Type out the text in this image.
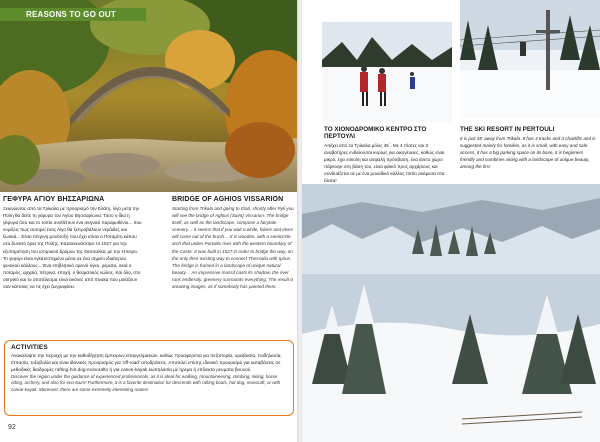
REASONS TO GO OUT
ΓΕΦΥΡΑ ΑΓΙΟΥ ΒΗΣΣΑΡΙΩΝΑ
Ξεκινώντας από τα Τρίκαλα με προορισμό την Ελάτη, λίγο μετά την Πύλη θα δείτε τη γέφυρα του Αγίου Βησσαρίωνα. Τόσο η ίδια η γέφυρα όσο και το τοπίο συνθέτουν ένα σκηνικό παραμυθένιο... που νομίζεις πως αυτομεί ένας Λίγο θα ξεπροβάλουν νεράιδες και ξωτικά... Είναι πέτρινη μονότοξη που έχει κτίσει ο Ποταμίτη κάπου στα δυνατό όρια της Πύλης. Κατασκευάστηκε το 1527 για την εξυπηρέτηση του ιστορικού δρόμου της Θεσσαλίας με την Ήπειρο. Το γεφύρι είναι εγκατεστημένο μέσα σε ένα σημείο ιδιαίτερου φυσικού κάλλους... Ένα επιβλητικό ορεινό όγκο, ρέματα, σκιά ο ποταμός, αρχαία, πέτρινα, εποχή, ο θεαματικός κώλος. Και όλο, στο σκηνικό και το αποτέλεσμα είναι εικόνες από πίνακα που μοιάζουν σαν κάποιος να τις έχει ζωγραφίσει.
BRIDGE OF AGHIOS VISSARION
Starting from Trikala and going to Elati, shortly after Pyli you will see the bridge of Aghios (Saint) Vissarion. The bridge itself, as well as the landscape, compose a fairytale scenery… it seems that if you wait a while, fairies and elves will come out of the brush… It is wooden, with a semicircle arch that unites Portaitis river with the western boundary of the Caste. It was built in 1527 in order to bridge the way, on the only then existing way to connect Thessalia with Ipirus. The bridge is framed in a landscape of unique natural beauty… An impressive massif casts its shadow, the river runs endlessly, greenery surrounds everything. The result is amazing images, as if somebody has painted them.
ACTIVITIES
Ανακαλύψτε την περιοχή με την καθοδήγηση έμπειρων επαγγελματιών, καθώς προσφέρεται για πεζοπορία, ορειβασία, ποδηλασία, ιππασία, τοξοβολία και είναι ιδανικός προορισμός για 'off-road' αποδράσεις. Αποτελεί επίσης ιδανικό προορισμό για καταβάσεις σε μεθοδικές διαδρομές rafting-hot dog-monorafto ή για canoe-kayak κωπηλασία με ήρεμα ή επίλεκτα ρευματα βουνού.
Discover the region under the guidance of experienced professionals, as it is ideal for walking, mountaineering, climbing, skiing, horse riding, archery, and also for eco-tours! Furthermore, it is a favorite destination for descends with rafting boats, hot dog, monoraft, or with canoe-kayak. Moreover, there are some extremely interesting routes!
92
ΤΟ ΧΙΟΝΟΔΡΟΜΙΚΟ ΚΕΝΤΡΟ ΣΤΟ ΠΕΡΤΟΥΛΙ
Απέχει από τα Τρίκαλα μόλις 45΄. Με 4 πίστες και 3 αναβατήρες ενδείκνυται κυρίως για οικογένειες, καθώς είναι μικρό, έχει εύκολη και ασφαλή πρόσβαση, ένα άνετο χώρο πάρκινγκ στη βάση του, είναι φιλικό προς αρχάριους και συνδυάζεται σε με ένα μοναδικό κάλλος τοπίο ανάμεσα στα έλατα!
THE SKI RESORT IN PERTOULI
It is just 45' away from Trikala. It has 4 tracks and 3 chairlifts and is suggested mainly for families, as it is small, with easy and safe access, it has a big parking space on its base, it is beginners friendly and combines skiing with a landscape of unique beauty, among the firs!
